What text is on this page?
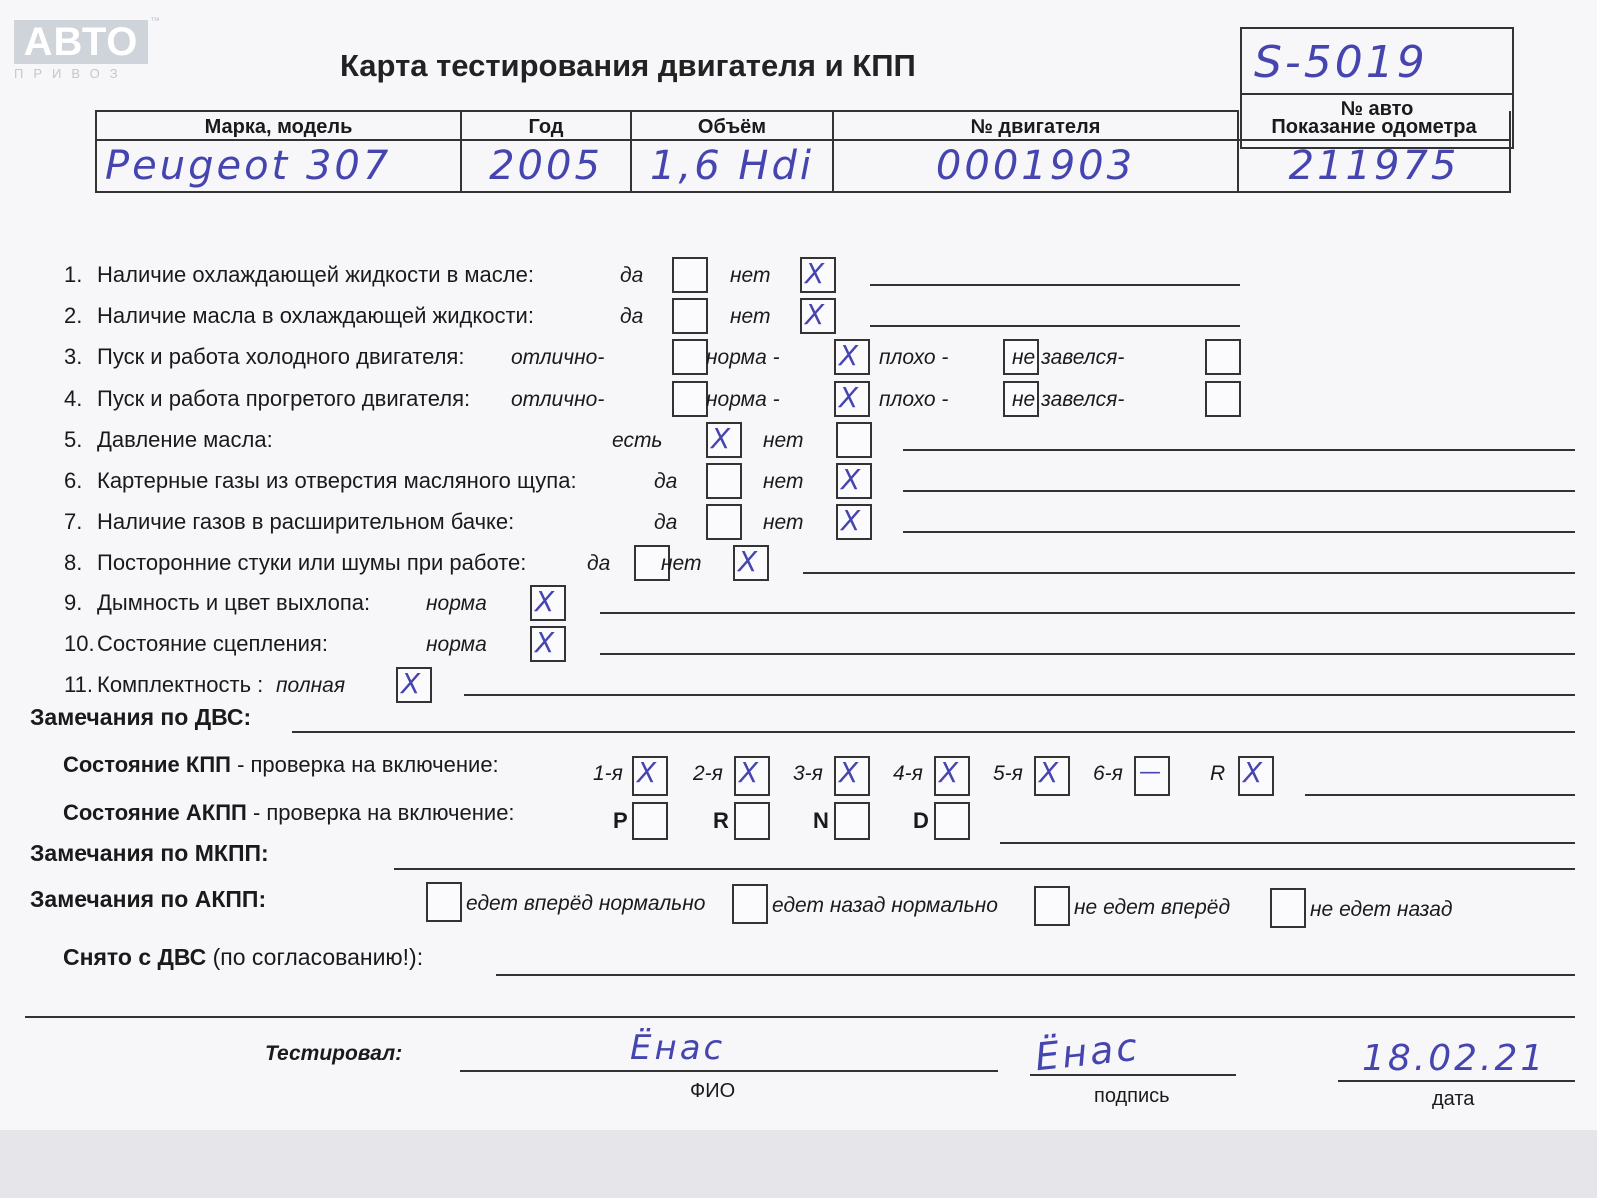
АВТО
ПРИВОЗ
™
Карта тестирования двигателя и КПП	S-5019
№ авто
Марка, модель	Год	Объём	№ двигателя	Показание одометра
Peugeot 307	2005	1,6 Hdi	0001903	211975
1. Наличие охлаждающей жидкости в масле:	да	нет X
2. Наличие масла в охлаждающей жидкости:	да	нет X
3. Пуск и работа холодного двигателя: отлично-	норма - X плохо -	не завелся-
4. Пуск и работа прогретого двигателя: отлично-	норма - X плохо -	не завелся-
5. Давление масла:	есть X нет
6. Картерные газы из отверстия масляного щупа:	да	нет X
7. Наличие газов в расширительном бачке:	да	нет X
8. Посторонние стуки или шумы при работе:	да нет X
9. Дымность и цвет выхлопа:	норма X
10. Состояние сцепления:	норма X
11. Комплектность : полная X
Замечания по ДВС:
Состояние КПП - проверка на включение:	1-я X 2-я X 3-я X 4-я X 5-я X 6-я — R X
Состояние АКПП - проверка на включение:	P	R	N	D
Замечания по МКПП:
Замечания по АКПП:	едет вперёд нормально	едет назад нормально	не едет вперёд	не едет назад
Снято с ДВС (по согласованию!):
Тестировал:	Ёнас
ФИО
Ёнас
подпись
18.02.21
дата
